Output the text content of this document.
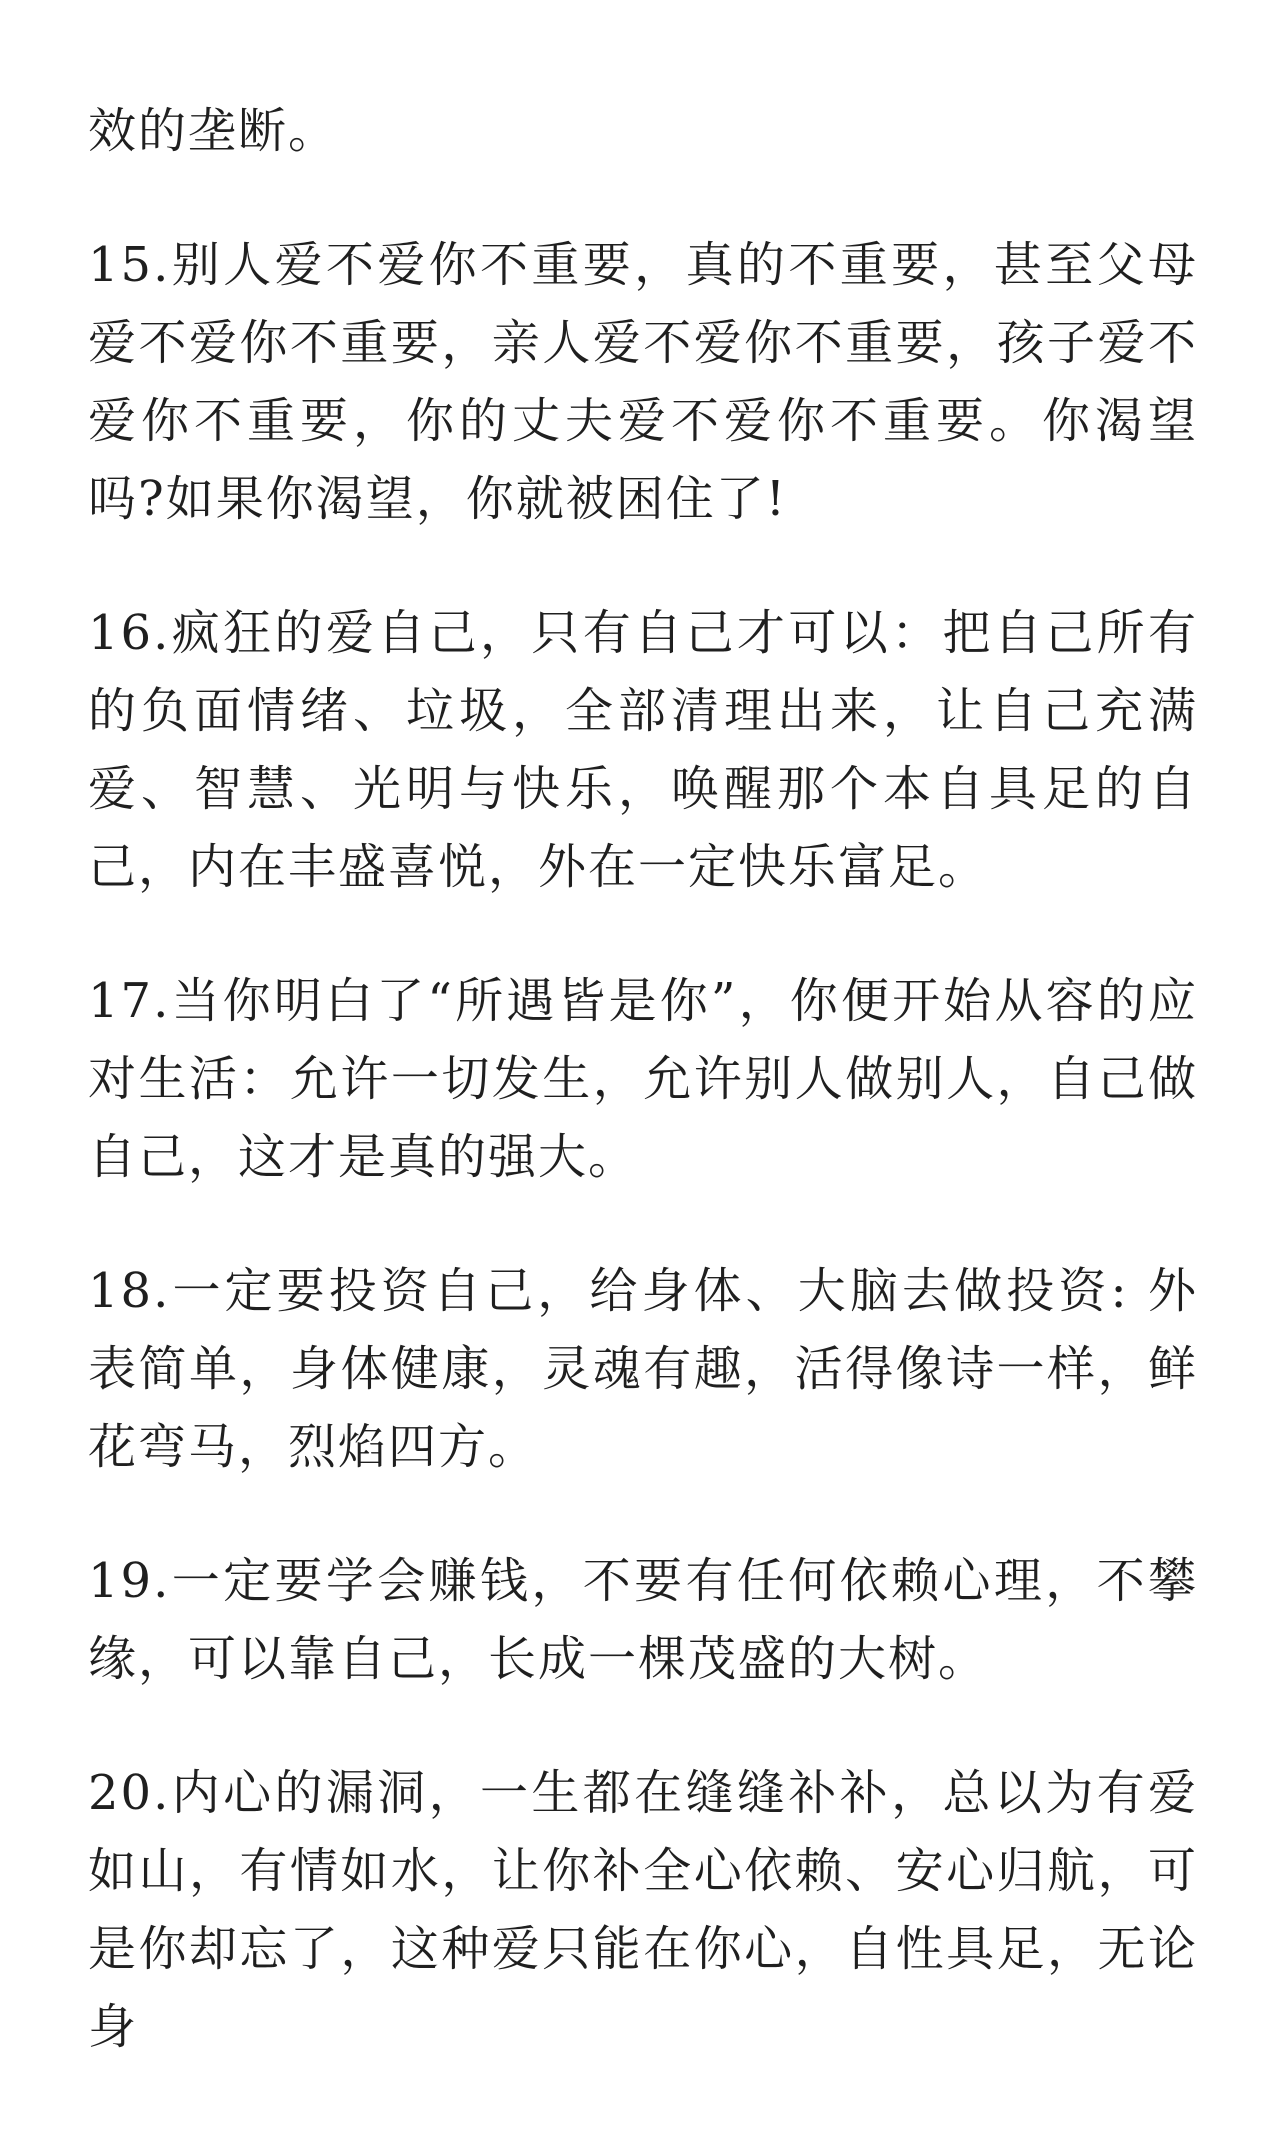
效的垄断。

15.别人爱不爱你不重要，真的不重要，甚至父母爱不爱你不重要，亲人爱不爱你不重要，孩子爱不爱你不重要，你的丈夫爱不爱你不重要。你渴望吗?如果你渴望，你就被困住了!

16.疯狂的爱自己，只有自己才可以：把自己所有的负面情绪、垃圾，全部清理出来，让自己充满爱、智慧、光明与快乐，唤醒那个本自具足的自己，内在丰盛喜悦，外在一定快乐富足。

17.当你明白了“所遇皆是你”，你便开始从容的应对生活：允许一切发生，允许别人做别人，自己做自己，这才是真的强大。

18.一定要投资自己，给身体、大脑去做投资: 外表简单，身体健康，灵魂有趣，活得像诗一样，鲜花弯马，烈焰四方。

19.一定要学会赚钱，不要有任何依赖心理，不攀缘，可以靠自己，长成一棵茂盛的大树。

20.内心的漏洞，一生都在缝缝补补，总以为有爱如山，有情如水，让你补全心依赖、安心归航，可是你却忘了，这种爱只能在你心，自性具足，无论身
